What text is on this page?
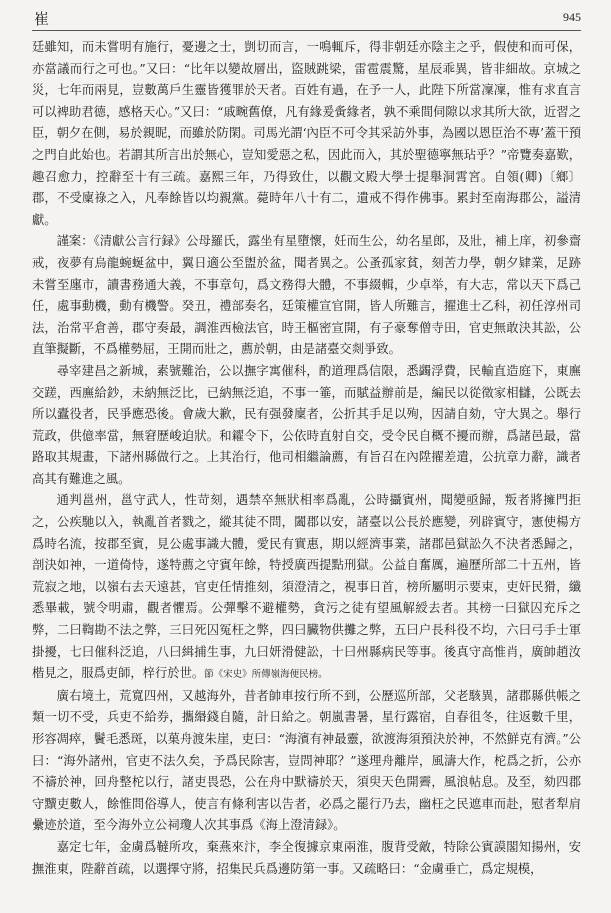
崔	945

廷雖知，而未嘗明有施行，憂邊之士，剴切而言，一鳴輒斥，得非朝廷亦陰主之乎，假使和而可保，亦當議而行之可也。”又曰：“比年以變故層出，盜賊跳梁，雷雹震驚，星辰乖異，皆非細故。京城之災，七年而兩見，豈數萬戶生靈皆獲罪於天者。百姓有過，在予一人，此陛下所當凜凜，惟有求直言可以裨助君德，感格天心。”又曰：“戚畹舊僚，凡有緣爰夤緣者，孰不乘間伺隙以求其所大欲，近習之臣，朝夕在側，易於親昵，而雖於防閑。司馬光謂‘內臣不可令其采訪外事，為國以恩臣治不專’蓋干預之門自此始也。若謂其所言出於無心，豈知愛惡之私，因此而入，其於聖德寧無玷乎？”帝覽奏嘉歎，趣召愈力，控辭至十有三疏。嘉熙三年，乃得致仕，以觀文殿大學士提舉洞霄宮。自領(卿)〔鄉〕郡，不受廩祿之入，凡奉餘皆以均親黨。薨時年八十有二，遺戒不得作佛事。累封至南海郡公，謚清獻。

謹案：《清獻公言行録》公母羅氏，露坐有星墮懷，妊而生公，幼名星郎，及壯，補上庠，初參齋戒，夜夢有烏龍蜿蜒盆中，翼日適公至盥於盆，聞者異之。公蚤孤家貧，刻苦力學，朝夕肄業，足跡未嘗至廛市，讀書務通大義，不事章句，爲文務得大體，不事綴輯，少卓举，有大志，常以天下爲己任，處事動機，動有機警。癸丑，禮部奏名，廷策權宣官開，皆人所難言，擢進士乙科，初任淳州司法，治常平倉善，郡守奏最，調淮西檢法官，時王樞密宣開，有子豪奪僧寺田，官吏無敢決其訟，公直筆擬斷，不爲權勢屈，王開而壯之，薦於朝，由是諸臺交剡爭致。

尋宰建昌之新城，素號難治，公以撫字寓催科，酌道理爲信限，悉蠲浮費，民輸直造庭下，東廡交蹉，西廡給鈔，未納無泛比，已納無泛追，不事一箠，而賦益辦前是，編民以從徵家相讎，公既去所以蠹役者，民爭應恐後。會歲大歉，民有强發廩者，公折其手足以殉，因請自劾，守大異之。舉行荒政，供億率當，無窘歷峻迫狀。和糴令下，公依時直射自交，受令民自概不擾而辦，爲諸邑最，當路取其規畫，下諸州縣做行之。上其治行，他司相繼論薦，有旨召在內陞擢差遣，公抗章力辭，識者高其有難進之風。

通判邕州，邕守武人，性苛刻，遇禁卒無狀相率爲亂，公時攝賓州，聞變亟歸，叛者將擁門拒之，公疾馳以入，執亂首者戮之，縱其徒不問，闔郡以安，諸臺以公長於應變，列辟賓守，憲使楊方爲時名流，按郡至賓，見公處事識大體，愛民有實惠，期以經濟事業，諸郡邑獄訟久不決者悉歸之，剖決如神，一道倚恃，遂特薦之守賓年餘，特授廣西提點刑獄。公益自奮厲，遍歷所部二十五州，皆荒寂之地，以嶺右去天遠甚，官吏任情推刻，須澄清之，視事日首，榜所屬明示要束，吏奸民猾，纖悉畢載，號令明肅，觀者懼焉。公彈擊不避權勢，貪污之徒有望風解綬去者。其榜一曰獄囚充斥之弊，二曰鞫勘不法之弊，三曰死囚冤枉之弊，四曰臟物供攤之弊，五曰户長科役不均，六曰弓手士軍掛擾，七曰催科泛追，八曰緝捕生事，九曰妍滑健訟，十曰州縣病民等事。後真守高惟肖，廣帥趙汝楷見之，服爲吏師，梓行於世。節《宋史》所傳嶺海便民榜。

廣右境土，荒寬四州，又越海外，昔者帥車按行所不到，公歷巡所部，父老駭異，諸郡縣供帳之類一切不受，兵吏不給券，攜緡錢自隨，計日給之。朝嵐書暑，星行露宿，自春徂冬，往返數千里，形容凋瘁，鬢毛悉斑，以菓舟渡朱崖，吏曰：“海濱有神最靈，欲渡海須預決於神，不然鮮克有濟。”公曰：“海外諸州，官吏不法久矣，予爲民除害，豈問神耶？”遂理舟離岸，風濤大作，柁爲之折，公亦不禱於神，回舟整柁以行，諸吏畏恐，公在舟中默禱於天，須臾天色開霽，風浪帖息。及至，劾四郡守黷吏數人，餘惟問俗導人，使言有條利害以告者，必爲之罷行乃去，幽枉之民遮車而赴，慰者犁肩纍迹於道，至今海外立公祠瓊人次其事爲《海上澄清録》。

嘉定七年，金虜爲韃所攻，棄燕來汴，李全復據京東兩淮，腹背受敵，特除公賓謨閣知揚州，安撫淮東，陛辭首疏，以選擇守將，招集民兵爲邊防第一事。又疏略曰：“金虜垂亡，爲定規模，
